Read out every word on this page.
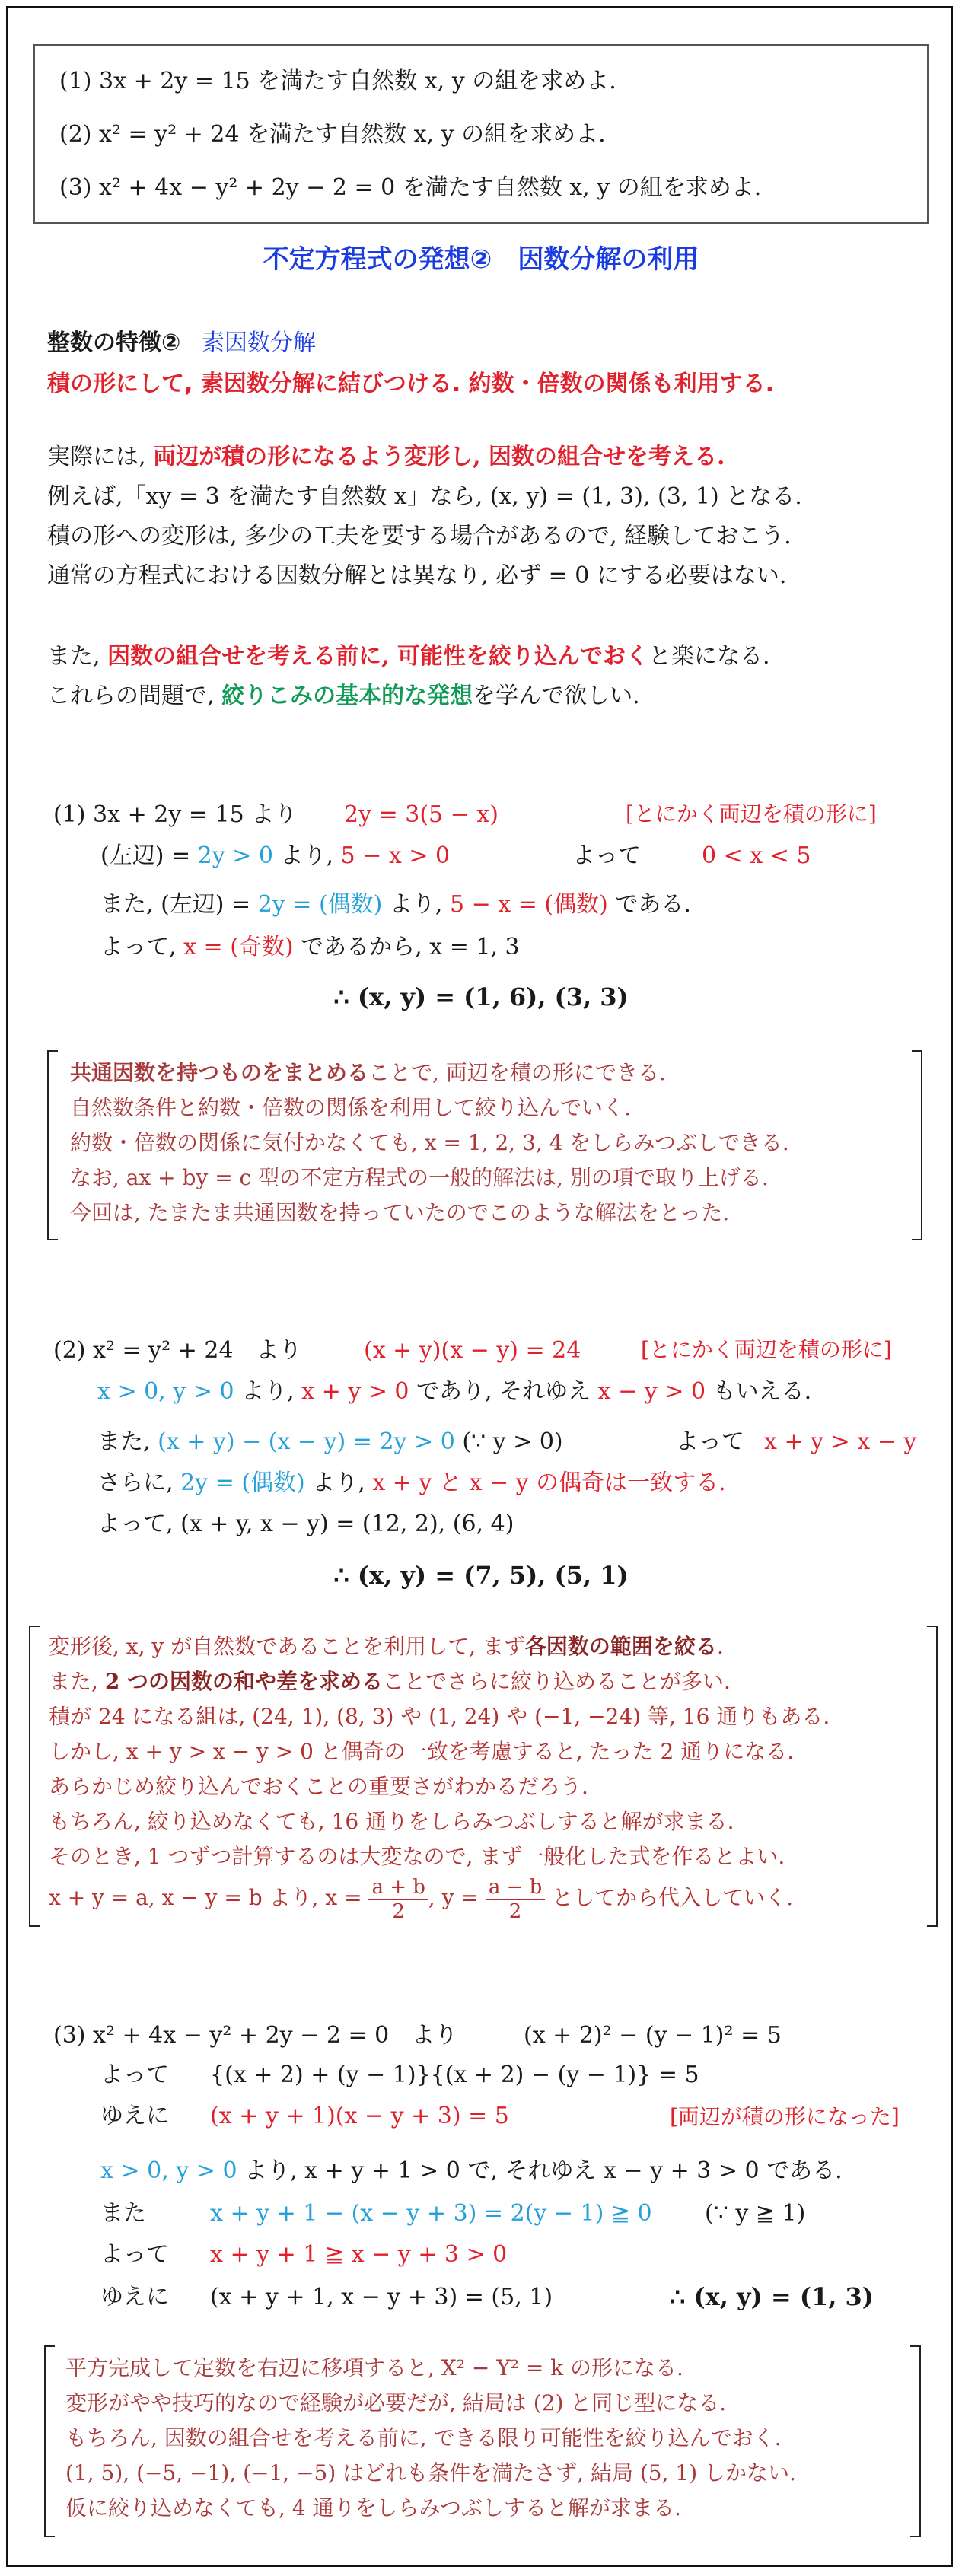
(1) 3x + 2y = 15 を満たす自然数 x, y の組を求めよ.
(2) x² = y² + 24 を満たす自然数 x, y の組を求めよ.
(3) x² + 4x − y² + 2y − 2 = 0 を満たす自然数 x, y の組を求めよ.
不定方程式の発想②　因数分解の利用
整数の特徴② 素因数分解
積の形にして, 素因数分解に結びつける. 約数・倍数の関係も利用する.
実際には, 両辺が積の形になるよう変形し, 因数の組合せを考える.
例えば,「xy = 3 を満たす自然数 x」なら, (x, y) = (1, 3), (3, 1) となる.
積の形への変形は, 多少の工夫を要する場合があるので, 経験しておこう.
通常の方程式における因数分解とは異なり, 必ず = 0 にする必要はない.
また, 因数の組合せを考える前に, 可能性を絞り込んでおくと楽になる.
これらの問題で, 絞りこみの基本的な発想を学んで欲しい.
(1) 3x + 2y = 15 より 2y = 3(5 − x)	[とにかく両辺を積の形に]
(左辺) = 2y > 0 より, 5 − x > 0	よって	0 < x < 5
また, (左辺) = 2y = (偶数) より, 5 − x = (偶数) である.
よって, x = (奇数) であるから, x = 1, 3
∴ (x, y) = (1, 6), (3, 3)
共通因数を持つものをまとめることで, 両辺を積の形にできる.
自然数条件と約数・倍数の関係を利用して絞り込んでいく.
約数・倍数の関係に気付かなくても, x = 1, 2, 3, 4 をしらみつぶしできる.
なお, ax + by = c 型の不定方程式の一般的解法は, 別の項で取り上げる.
今回は, たまたま共通因数を持っていたのでこのような解法をとった.
(2) x² = y² + 24　より	(x + y)(x − y) = 24	[とにかく両辺を積の形に]
x > 0, y > 0 より, x + y > 0 であり, それゆえ x − y > 0 もいえる.
また, (x + y) − (x − y) = 2y > 0 (∵ y > 0)	よって x + y > x − y
さらに, 2y = (偶数) より, x + y と x − y の偶奇は一致する.
よって, (x + y, x − y) = (12, 2), (6, 4)
∴ (x, y) = (7, 5), (5, 1)
変形後, x, y が自然数であることを利用して, まず各因数の範囲を絞る.
また, 2 つの因数の和や差を求めることでさらに絞り込めることが多い.
積が 24 になる組は, (24, 1), (8, 3) や (1, 24) や (−1, −24) 等, 16 通りもある.
しかし, x + y > x − y > 0 と偶奇の一致を考慮すると, たった 2 通りになる.
あらかじめ絞り込んでおくことの重要さがわかるだろう.
もちろん, 絞り込めなくても, 16 通りをしらみつぶしすると解が求まる.
そのとき, 1 つずつ計算するのは大変なので, まず一般化した式を作るとよい.
x + y = a, x − y = b より, $x = \frac{a + b}{2}$ , $y = \frac{a - b}{2}$ としてから代入していく.
(3) x² + 4x − y² + 2y − 2 = 0　より	(x + 2)² − (y − 1)² = 5
よって {(x + 2) + (y − 1)}{(x + 2) − (y − 1)} = 5
ゆえに (x + y + 1)(x − y + 3) = 5	[両辺が積の形になった]
x > 0, y > 0 より, x + y + 1 > 0 で, それゆえ x − y + 3 > 0 である.
また	x + y + 1 − (x − y + 3) = 2(y − 1) ≧ 0 (∵ y ≧ 1)
よって x + y + 1 ≧ x − y + 3 > 0
ゆえに (x + y + 1, x − y + 3) = (5, 1)	∴ (x, y) = (1, 3)
平方完成して定数を右辺に移項すると, X² − Y² = k の形になる.
変形がやや技巧的なので経験が必要だが, 結局は (2) と同じ型になる.
もちろん, 因数の組合せを考える前に, できる限り可能性を絞り込んでおく.
(1, 5), (−5, −1), (−1, −5) はどれも条件を満たさず, 結局 (5, 1) しかない.
仮に絞り込めなくても, 4 通りをしらみつぶしすると解が求まる.
